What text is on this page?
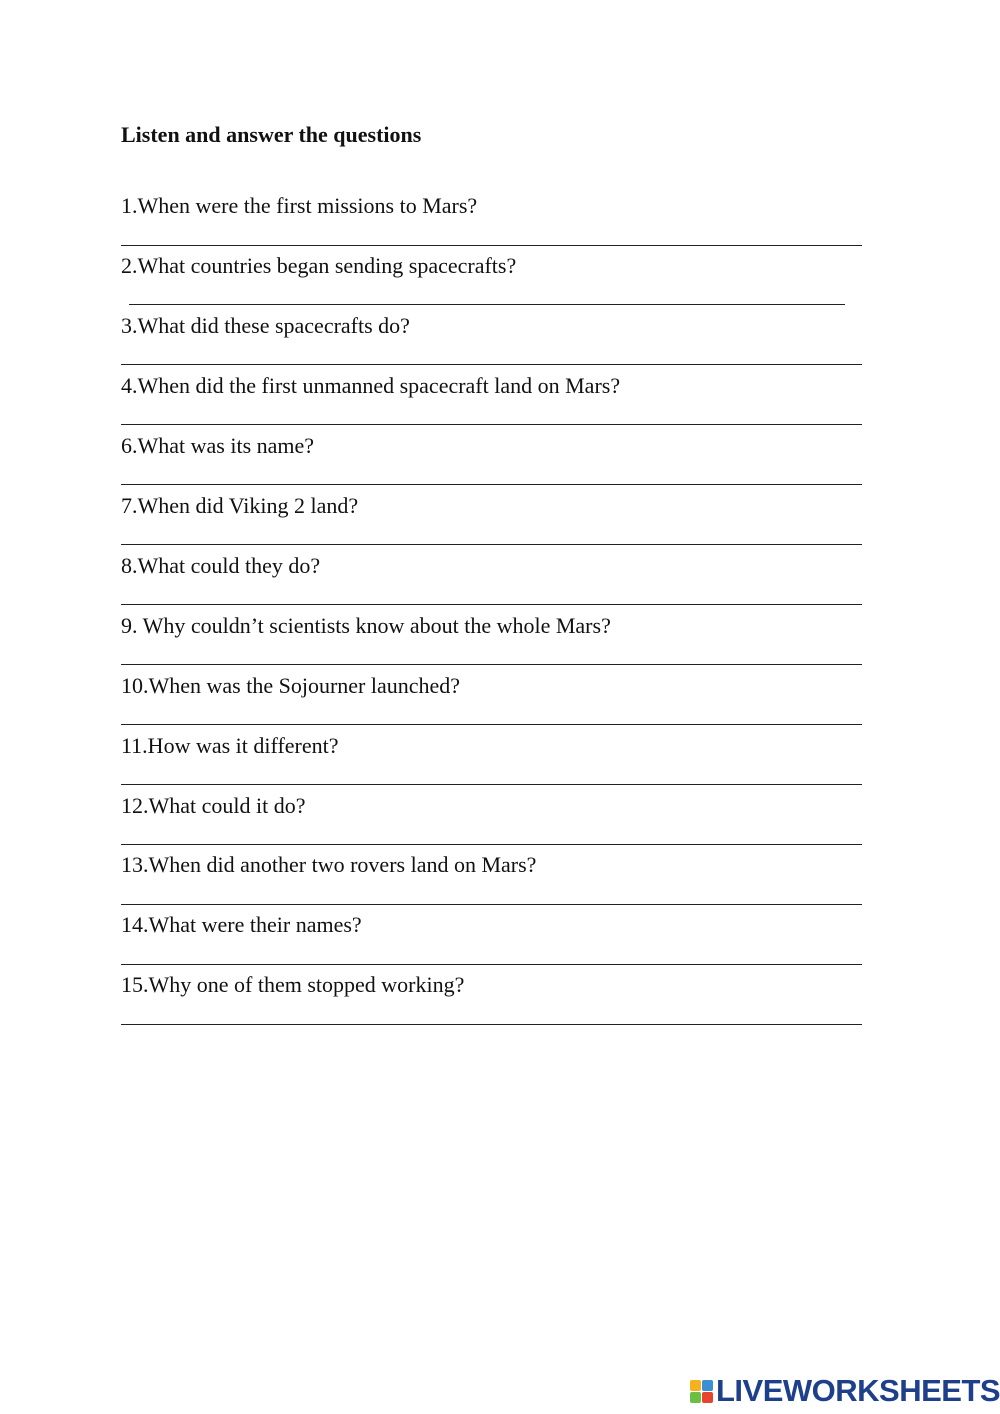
Listen and answer the questions
1.When were the first missions to Mars?
2.What countries began sending spacecrafts?
3.What did these spacecrafts do?
4.When did the first unmanned spacecraft land on Mars?
6.What was its name?
7.When did Viking 2 land?
8.What could they do?
9. Why couldn’t scientists know about the whole Mars?
10.When was the Sojourner launched?
11.How was it different?
12.What could it do?
13.When did another two rovers land on Mars?
14.What were their names?
15.Why one of them stopped working?
LIVEWORKSHEETS
